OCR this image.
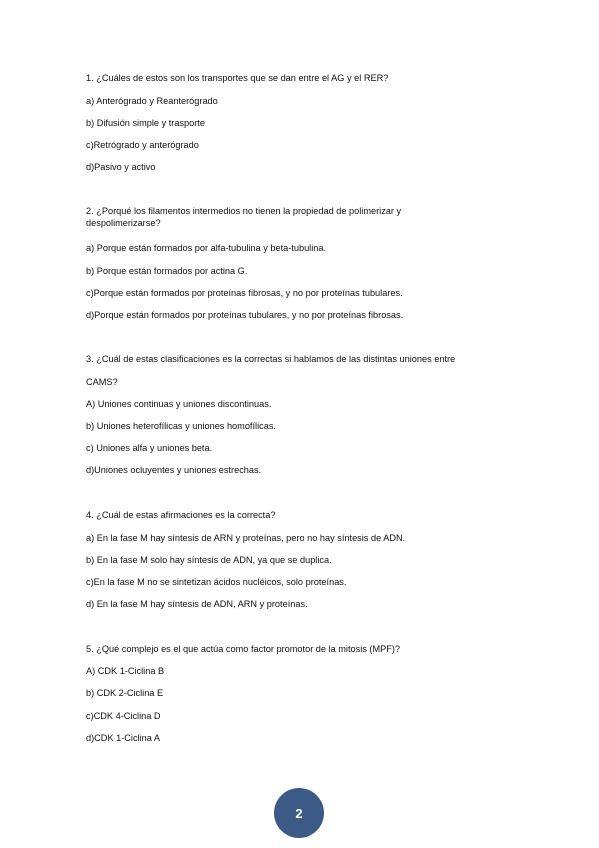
1. ¿Cuáles de estos son los transportes que se dan entre el AG y el RER?
a) Anterógrado y Reanterógrado
b) Difusión simple y trasporte
c)Retrógrado y anterógrado
d)Pasivo y activo
2. ¿Porqué los filamentos intermedios no tienen la propiedad de polimerizar y despolimerizarse?
a) Porque están formados por alfa-tubulina y beta-tubulina.
b) Porque están formados por actina G.
c)Porque están formados por proteínas fibrosas, y no por proteínas tubulares.
d)Porque están formados por proteínas tubulares, y no por proteínas fibrosas.
3. ¿Cuál de estas clasificaciones es la correctas si hablamos de las distintas uniones entre
CAMS?
A) Uniones continuas y uniones discontinuas.
b) Uniones heterofílicas y uniones homofílicas.
c) Uniones alfa y uniones beta.
d)Uniones ocluyentes y uniones estrechas.
4. ¿Cuál de estas afirmaciones es la correcta?
a) En la fase M hay síntesis de ARN y proteínas, pero no hay síntesis de ADN.
b) En la fase M solo hay síntesis de ADN, ya que se duplica.
c)En la fase M no se sintetizan ácidos nucléicos, solo proteínas.
d) En la fase M hay síntesis de ADN, ARN y proteínas.
5. ¿Qué complejo es el que actúa como factor promotor de la mitosis (MPF)?
A) CDK 1-Ciclina B
b) CDK 2-Ciclina E
c)CDK 4-Ciclina D
d)CDK 1-Ciclina A
2
